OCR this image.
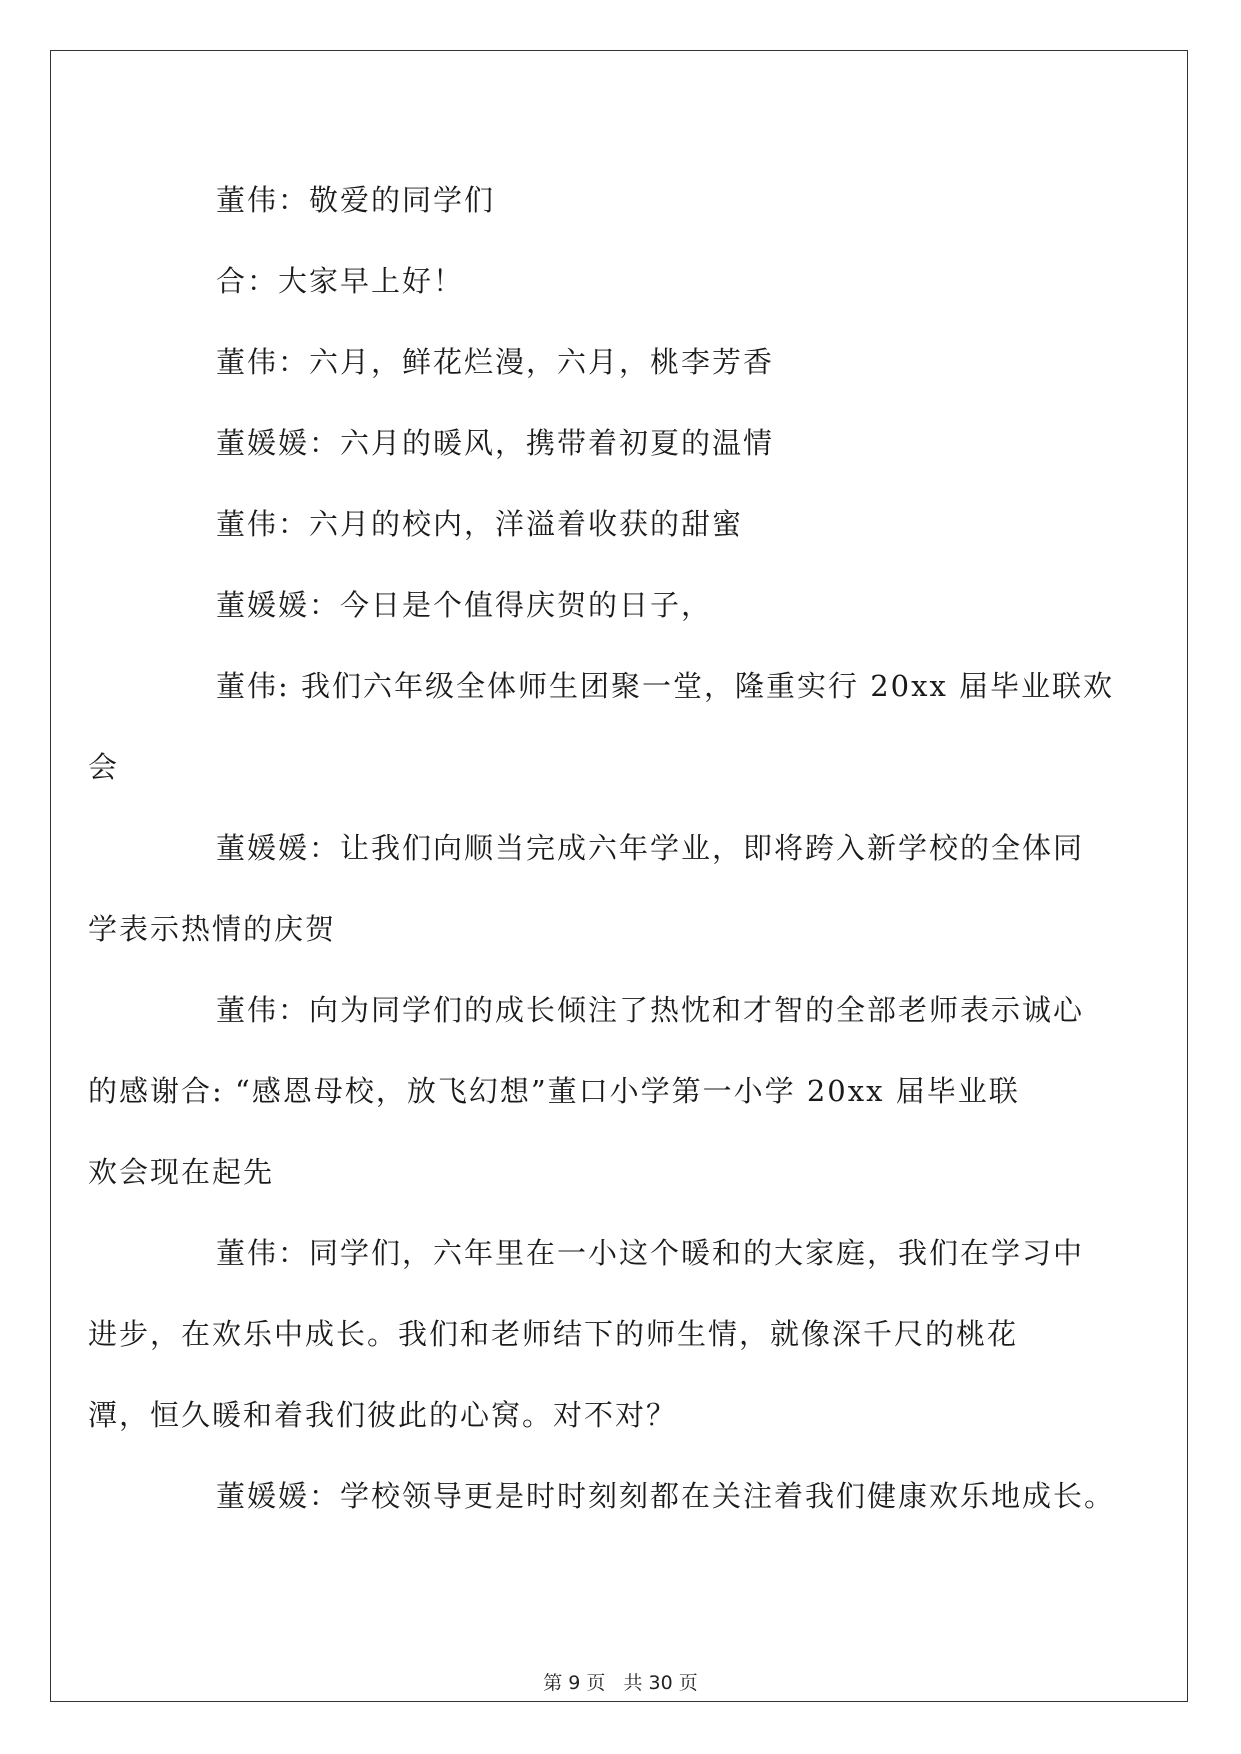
董伟：敬爱的同学们

合：大家早上好！

董伟：六月，鲜花烂漫，六月，桃李芳香

董媛媛：六月的暖风，携带着初夏的温情

董伟：六月的校内，洋溢着收获的甜蜜

董媛媛：今日是个值得庆贺的日子，

董伟: 我们六年级全体师生团聚一堂，隆重实行 20xx 届毕业联欢
会

董媛媛：让我们向顺当完成六年学业，即将跨入新学校的全体同
学表示热情的庆贺

董伟：向为同学们的成长倾注了热忱和才智的全部老师表示诚心
的感谢合: “感恩母校，放飞幻想”董口小学第一小学 20xx 届毕业联
欢会现在起先

董伟：同学们，六年里在一小这个暖和的大家庭，我们在学习中
进步，在欢乐中成长。我们和老师结下的师生情，就像深千尺的桃花
潭，恒久暖和着我们彼此的心窝。对不对？

董媛媛：学校领导更是时时刻刻都在关注着我们健康欢乐地成长。

第 9 页 共 30 页
